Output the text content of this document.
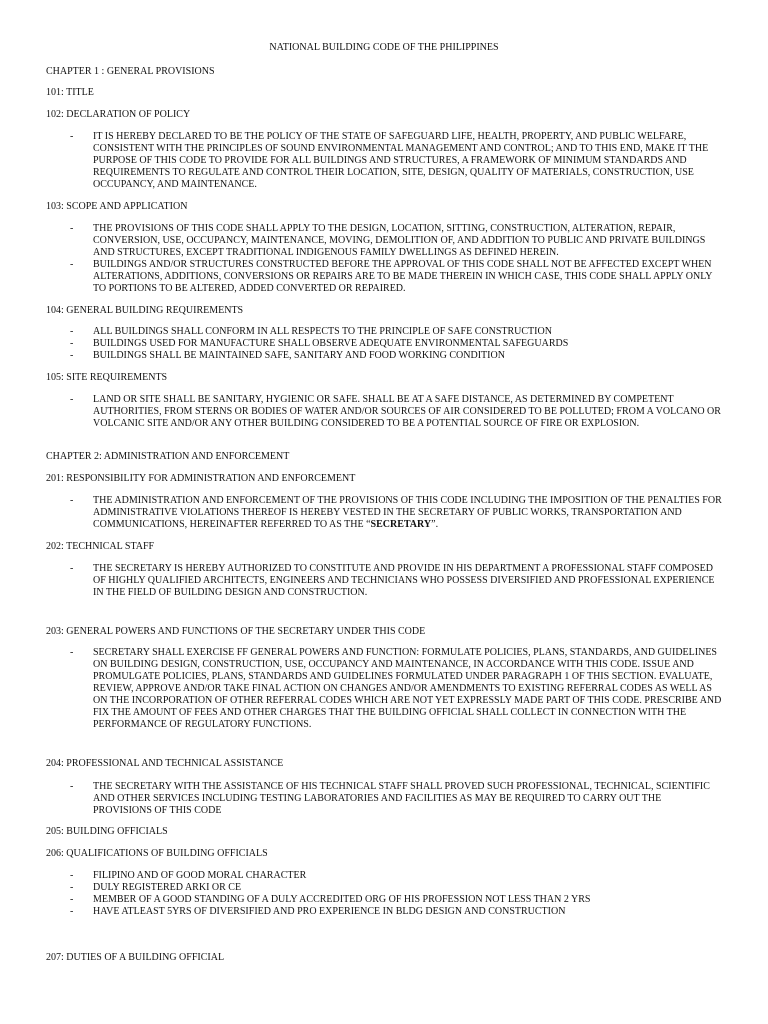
NATIONAL BUILDING CODE OF THE PHILIPPINES
CHAPTER 1 : GENERAL PROVISIONS
101: TITLE
102: DECLARATION OF POLICY
- IT IS HEREBY DECLARED TO BE THE POLICY OF THE STATE OF SAFEGUARD LIFE, HEALTH, PROPERTY, AND PUBLIC WELFARE, CONSISTENT WITH THE PRINCIPLES OF SOUND ENVIRONMENTAL MANAGEMENT AND CONTROL; AND TO THIS END, MAKE IT THE PURPOSE OF THIS CODE TO PROVIDE FOR ALL BUILDINGS AND STRUCTURES, A FRAMEWORK OF MINIMUM STANDARDS AND REQUIREMENTS TO REGULATE AND CONTROL THEIR LOCATION, SITE, DESIGN, QUALITY OF MATERIALS, CONSTRUCTION, USE OCCUPANCY, AND MAINTENANCE.
103: SCOPE AND APPLICATION
- THE PROVISIONS OF THIS CODE SHALL APPLY TO THE DESIGN, LOCATION, SITTING, CONSTRUCTION, ALTERATION, REPAIR, CONVERSION, USE, OCCUPANCY, MAINTENANCE, MOVING, DEMOLITION OF, AND ADDITION TO PUBLIC AND PRIVATE BUILDINGS AND STRUCTURES, EXCEPT TRADITIONAL INDIGENOUS FAMILY DWELLINGS AS DEFINED HEREIN.
- BUILDINGS AND/OR STRUCTURES CONSTRUCTED BEFORE THE APPROVAL OF THIS CODE SHALL NOT BE AFFECTED EXCEPT WHEN ALTERATIONS, ADDITIONS, CONVERSIONS OR REPAIRS ARE TO BE MADE THEREIN IN WHICH CASE, THIS CODE SHALL APPLY ONLY TO PORTIONS TO BE ALTERED, ADDED CONVERTED OR REPAIRED.
104: GENERAL BUILDING REQUIREMENTS
- ALL BUILDINGS SHALL CONFORM IN ALL RESPECTS TO THE PRINCIPLE OF SAFE CONSTRUCTION
- BUILDINGS USED FOR MANUFACTURE SHALL OBSERVE ADEQUATE ENVIRONMENTAL SAFEGUARDS
- BUILDINGS SHALL BE MAINTAINED SAFE, SANITARY AND FOOD WORKING CONDITION
105: SITE REQUIREMENTS
- LAND OR SITE SHALL BE SANITARY, HYGIENIC OR SAFE. SHALL BE AT A SAFE DISTANCE, AS DETERMINED BY COMPETENT AUTHORITIES, FROM STERNS OR BODIES OF WATER AND/OR SOURCES OF AIR CONSIDERED TO BE POLLUTED; FROM A VOLCANO OR VOLCANIC SITE AND/OR ANY OTHER BUILDING CONSIDERED TO BE A POTENTIAL SOURCE OF FIRE OR EXPLOSION.
CHAPTER 2: ADMINISTRATION AND ENFORCEMENT
201: RESPONSIBILITY FOR ADMINISTRATION AND ENFORCEMENT
- THE ADMINISTRATION AND ENFORCEMENT OF THE PROVISIONS OF THIS CODE INCLUDING THE IMPOSITION OF THE PENALTIES FOR ADMINISTRATIVE VIOLATIONS THEREOF IS HEREBY VESTED IN THE SECRETARY OF PUBLIC WORKS, TRANSPORTATION AND COMMUNICATIONS, HEREINAFTER REFERRED TO AS THE “SECRETARY”.
202: TECHNICAL STAFF
- THE SECRETARY IS HEREBY AUTHORIZED TO CONSTITUTE AND PROVIDE IN HIS DEPARTMENT A PROFESSIONAL STAFF COMPOSED OF HIGHLY QUALIFIED ARCHITECTS, ENGINEERS AND TECHNICIANS WHO POSSESS DIVERSIFIED AND PROFESSIONAL EXPERIENCE IN THE FIELD OF BUILDING DESIGN AND CONSTRUCTION.
203: GENERAL POWERS AND FUNCTIONS OF THE SECRETARY UNDER THIS CODE
- SECRETARY SHALL EXERCISE FF GENERAL POWERS AND FUNCTION: FORMULATE POLICIES, PLANS, STANDARDS, AND GUIDELINES ON BUILDING DESIGN, CONSTRUCTION, USE, OCCUPANCY AND MAINTENANCE, IN ACCORDANCE WITH THIS CODE. ISSUE AND PROMULGATE POLICIES, PLANS, STANDARDS AND GUIDELINES FORMULATED UNDER PARAGRAPH 1 OF THIS SECTION. EVALUATE, REVIEW, APPROVE AND/OR TAKE FINAL ACTION ON CHANGES AND/OR AMENDMENTS TO EXISTING REFERRAL CODES AS WELL AS ON THE INCORPORATION OF OTHER REFERRAL CODES WHICH ARE NOT YET EXPRESSLY MADE PART OF THIS CODE. PRESCRIBE AND FIX THE AMOUNT OF FEES AND OTHER CHARGES THAT THE BUILDING OFFICIAL SHALL COLLECT IN CONNECTION WITH THE PERFORMANCE OF REGULATORY FUNCTIONS.
204: PROFESSIONAL AND TECHNICAL ASSISTANCE
- THE SECRETARY WITH THE ASSISTANCE OF HIS TECHNICAL STAFF SHALL PROVED SUCH PROFESSIONAL, TECHNICAL, SCIENTIFIC AND OTHER SERVICES INCLUDING TESTING LABORATORIES AND FACILITIES AS MAY BE REQUIRED TO CARRY OUT THE PROVISIONS OF THIS CODE
205: BUILDING OFFICIALS
206: QUALIFICATIONS OF BUILDING OFFICIALS
- FILIPINO AND OF GOOD MORAL CHARACTER
- DULY REGISTERED ARKI OR CE
- MEMBER OF A GOOD STANDING OF A DULY ACCREDITED ORG OF HIS PROFESSION NOT LESS THAN 2 YRS
- HAVE ATLEAST 5YRS OF DIVERSIFIED AND PRO EXPERIENCE IN BLDG DESIGN AND CONSTRUCTION
207: DUTIES OF A BUILDING OFFICIAL
